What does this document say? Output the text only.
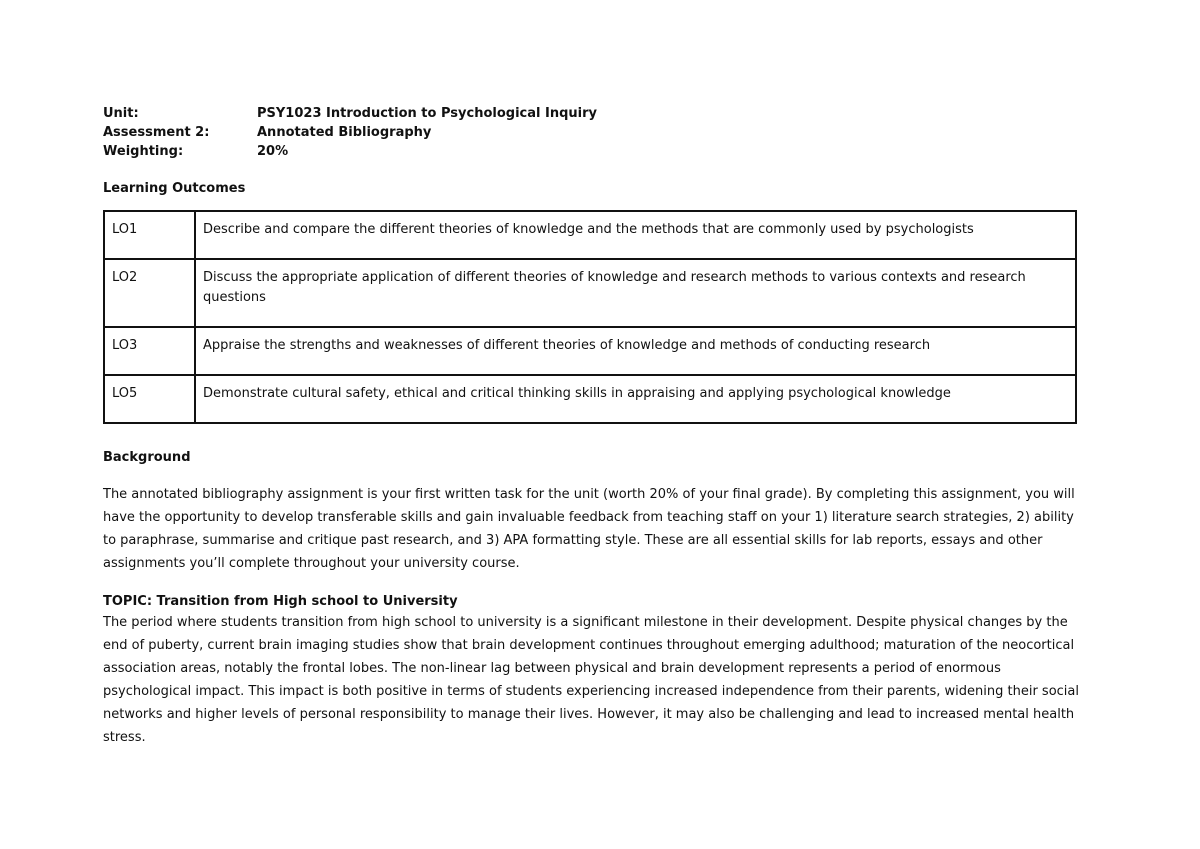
Unit:	PSY1023 Introduction to Psychological Inquiry
Assessment 2:	Annotated Bibliography
Weighting:	20%
Learning Outcomes
LO1	Describe and compare the different theories of knowledge and the methods that are commonly used by psychologists
LO2	Discuss the appropriate application of different theories of knowledge and research methods to various contexts and research questions
LO3	Appraise the strengths and weaknesses of different theories of knowledge and methods of conducting research
LO5	Demonstrate cultural safety, ethical and critical thinking skills in appraising and applying psychological knowledge
Background

The annotated bibliography assignment is your first written task for the unit (worth 20% of your final grade). By completing this assignment, you will have the opportunity to develop transferable skills and gain invaluable feedback from teaching staff on your 1) literature search strategies, 2) ability to paraphrase, summarise and critique past research, and 3) APA formatting style. These are all essential skills for lab reports, essays and other assignments you’ll complete throughout your university course.

TOPIC: Transition from High school to University

The period where students transition from high school to university is a significant milestone in their development. Despite physical changes by the end of puberty, current brain imaging studies show that brain development continues throughout emerging adulthood; maturation of the neocortical association areas, notably the frontal lobes. The non-linear lag between physical and brain development represents a period of enormous psychological impact. This impact is both positive in terms of students experiencing increased independence from their parents, widening their social networks and higher levels of personal responsibility to manage their lives. However, it may also be challenging and lead to increased mental health stress.
